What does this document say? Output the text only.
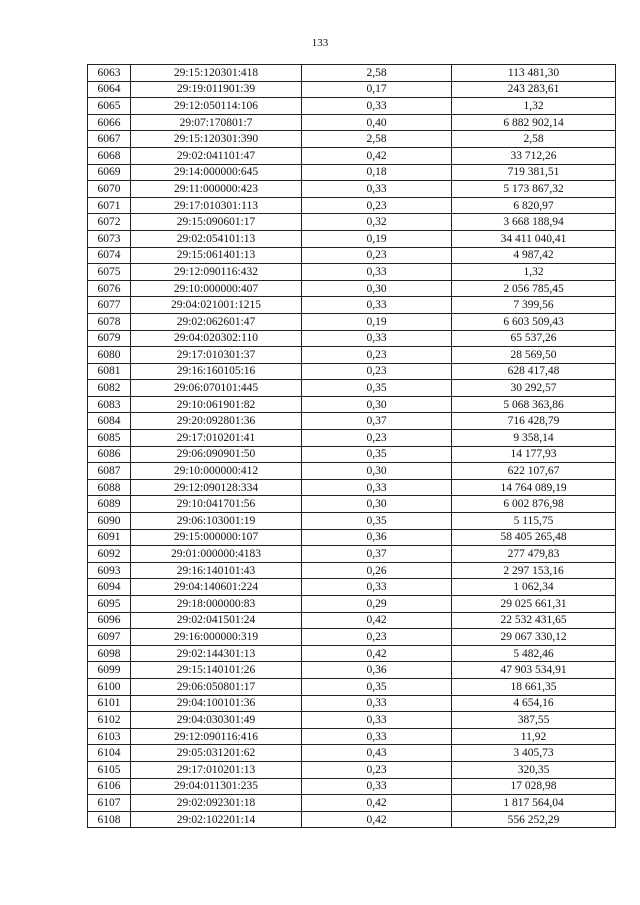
133
6063	29:15:120301:418	2,58	113 481,30
6064	29:19:011901:39	0,17	243 283,61
6065	29:12:050114:106	0,33	1,32
6066	29:07:170801:7	0,40	6 882 902,14
6067	29:15:120301:390	2,58	2,58
6068	29:02:041101:47	0,42	33 712,26
6069	29:14:000000:645	0,18	719 381,51
6070	29:11:000000:423	0,33	5 173 867,32
6071	29:17:010301:113	0,23	6 820,97
6072	29:15:090601:17	0,32	3 668 188,94
6073	29:02:054101:13	0,19	34 411 040,41
6074	29:15:061401:13	0,23	4 987,42
6075	29:12:090116:432	0,33	1,32
6076	29:10:000000:407	0,30	2 056 785,45
6077	29:04:021001:1215	0,33	7 399,56
6078	29:02:062601:47	0,19	6 603 509,43
6079	29:04:020302:110	0,33	65 537,26
6080	29:17:010301:37	0,23	28 569,50
6081	29:16:160105:16	0,23	628 417,48
6082	29:06:070101:445	0,35	30 292,57
6083	29:10:061901:82	0,30	5 068 363,86
6084	29:20:092801:36	0,37	716 428,79
6085	29:17:010201:41	0,23	9 358,14
6086	29:06:090901:50	0,35	14 177,93
6087	29:10:000000:412	0,30	622 107,67
6088	29:12:090128:334	0,33	14 764 089,19
6089	29:10:041701:56	0,30	6 002 876,98
6090	29:06:103001:19	0,35	5 115,75
6091	29:15:000000:107	0,36	58 405 265,48
6092	29:01:000000:4183	0,37	277 479,83
6093	29:16:140101:43	0,26	2 297 153,16
6094	29:04:140601:224	0,33	1 062,34
6095	29:18:000000:83	0,29	29 025 661,31
6096	29:02:041501:24	0,42	22 532 431,65
6097	29:16:000000:319	0,23	29 067 330,12
6098	29:02:144301:13	0,42	5 482,46
6099	29:15:140101:26	0,36	47 903 534,91
6100	29:06:050801:17	0,35	18 661,35
6101	29:04:100101:36	0,33	4 654,16
6102	29:04:030301:49	0,33	387,55
6103	29:12:090116:416	0,33	11,92
6104	29:05:031201:62	0,43	3 405,73
6105	29:17:010201:13	0,23	320,35
6106	29:04:011301:235	0,33	17 028,98
6107	29:02:092301:18	0,42	1 817 564,04
6108	29:02:102201:14	0,42	556 252,29
